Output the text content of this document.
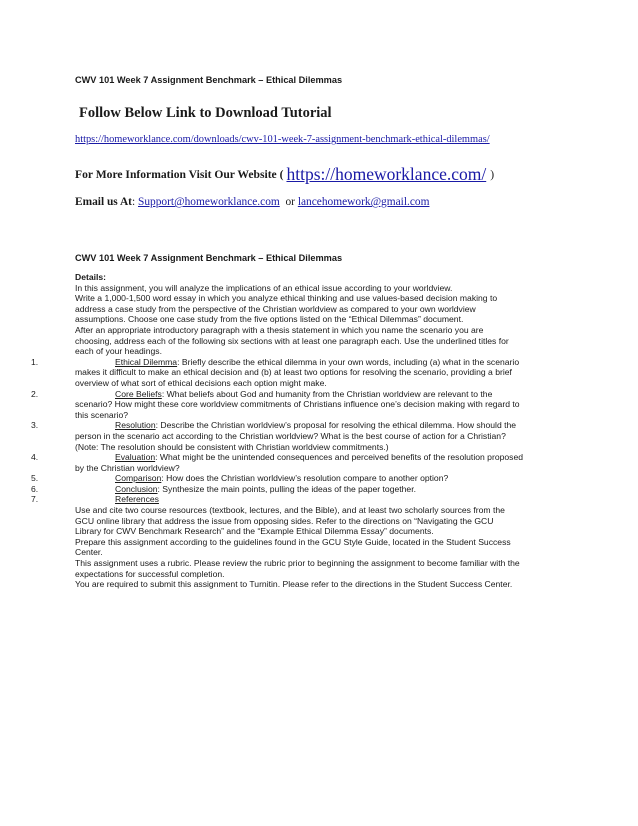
CWV 101 Week 7 Assignment Benchmark – Ethical Dilemmas
Follow Below Link to Download Tutorial
https://homeworklance.com/downloads/cwv-101-week-7-assignment-benchmark-ethical-dilemmas/
For More Information Visit Our Website ( https://homeworklance.com/ )
Email us At: Support@homeworklance.com or lancehomework@gmail.com
CWV 101 Week 7 Assignment Benchmark – Ethical Dilemmas

Details:

In this assignment, you will analyze the implications of an ethical issue according to your worldview.

Write a 1,000-1,500 word essay in which you analyze ethical thinking and use values-based decision making to

address a case study from the perspective of the Christian worldview as compared to your own worldview

assumptions. Choose one case study from the five options listed on the “Ethical Dilemmas” document.

After an appropriate introductory paragraph with a thesis statement in which you name the scenario you are

choosing, address each of the following six sections with at least one paragraph each. Use the underlined titles for

each of your headings.

1.	Ethical Dilemma: Briefly describe the ethical dilemma in your own words, including (a) what in the scenario

makes it difficult to make an ethical decision and (b) at least two options for resolving the scenario, providing a brief

overview of what sort of ethical decisions each option might make.

2.	Core Beliefs: What beliefs about God and humanity from the Christian worldview are relevant to the

scenario? How might these core worldview commitments of Christians influence one’s decision making with regard to

this scenario?

3.	Resolution: Describe the Christian worldview’s proposal for resolving the ethical dilemma. How should the

person in the scenario act according to the Christian worldview? What is the best course of action for a Christian?

(Note: The resolution should be consistent with Christian worldview commitments.)

4.	Evaluation: What might be the unintended consequences and perceived benefits of the resolution proposed

by the Christian worldview?

5.	Comparison: How does the Christian worldview’s resolution compare to another option?

6.	Conclusion: Synthesize the main points, pulling the ideas of the paper together.

7.	References

Use and cite two course resources (textbook, lectures, and the Bible), and at least two scholarly sources from the

GCU online library that address the issue from opposing sides. Refer to the directions on “Navigating the GCU

Library for CWV Benchmark Research” and the “Example Ethical Dilemma Essay” documents.

Prepare this assignment according to the guidelines found in the GCU Style Guide, located in the Student Success

Center.

This assignment uses a rubric. Please review the rubric prior to beginning the assignment to become familiar with the

expectations for successful completion.

You are required to submit this assignment to Turnitin. Please refer to the directions in the Student Success Center.
